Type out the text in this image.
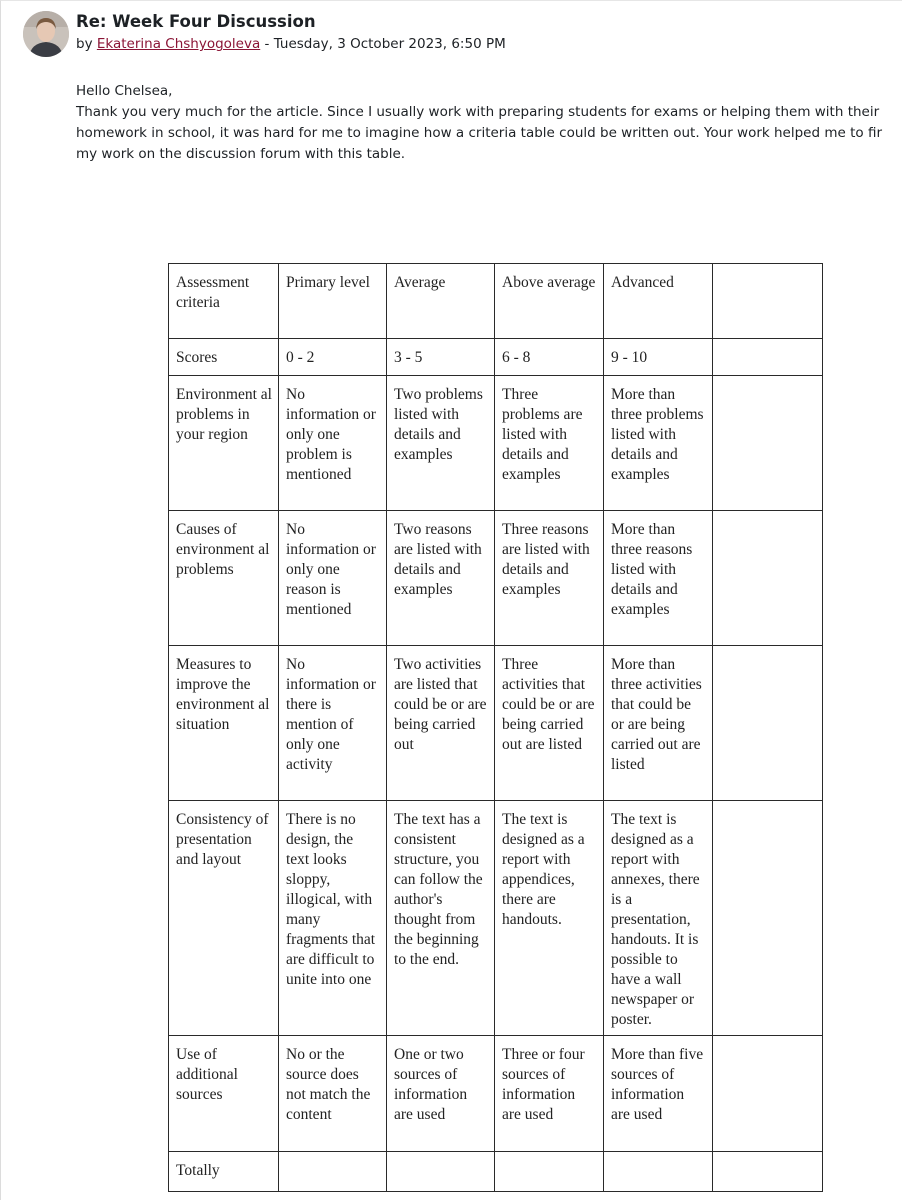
Re: Week Four Discussion
by Ekaterina Chshyogoleva - Tuesday, 3 October 2023, 6:50 PM

Hello Chelsea,

Thank you very much for the article. Since I usually work with preparing students for exams or helping them with their

homework in school, it was hard for me to imagine how a criteria table could be written out. Your work helped me to fir

my work on the discussion forum with this table.

Assessment criteria	Primary level	Average	Above average	Advanced	
Scores	0 - 2	3 - 5	6 - 8	9 - 10	
Environment al problems in your region	No information or only one problem is mentioned	Two problems listed with details and examples	Three problems are listed with details and examples	More than three problems listed with details and examples	
Causes of environment al problems	No information or only one reason is mentioned	Two reasons are listed with details and examples	Three reasons are listed with details and examples	More than three reasons listed with details and examples	
Measures to improve the environment al situation	No information or there is mention of only one activity	Two activities are listed that could be or are being carried out	Three activities that could be or are being carried out are listed	More than three activities that could be or are being carried out are listed	
Consistency of presentation and layout	There is no design, the text looks sloppy, illogical, with many fragments that are difficult to unite into one	The text has a consistent structure, you can follow the author's thought from the beginning to the end.	The text is designed as a report with appendices, there are handouts.	The text is designed as a report with annexes, there is a presentation, handouts. It is possible to have a wall newspaper or poster.	
Use of additional sources	No or the source does not match the content	One or two sources of information are used	Three or four sources of information are used	More than five sources of information are used	
Totally					
